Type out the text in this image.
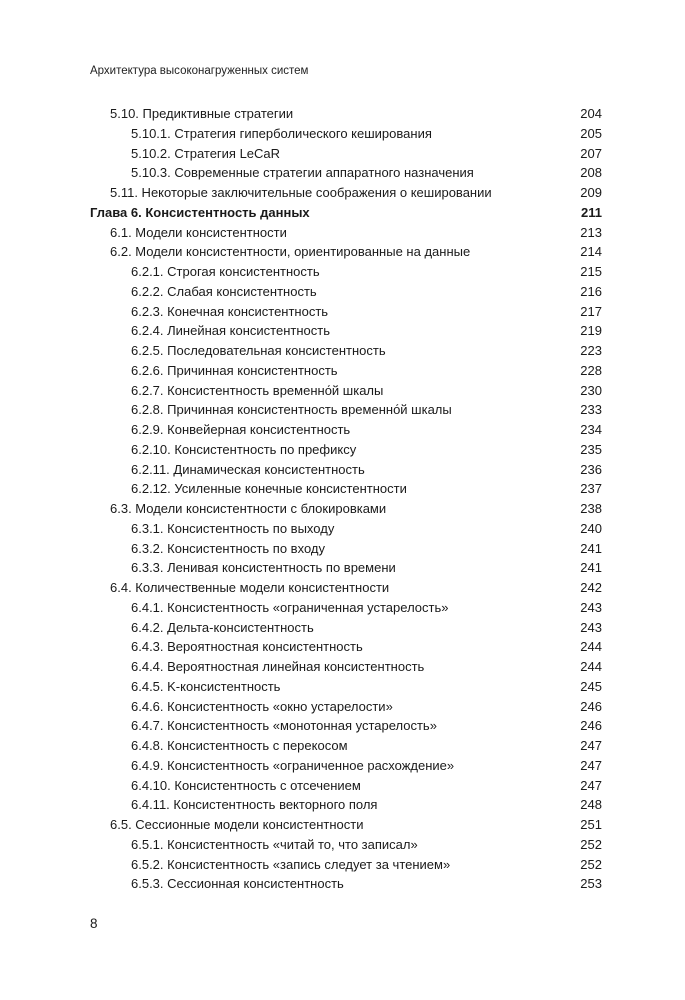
Архитектура высоконагруженных систем
5.10. Предиктивные стратегии	204
5.10.1. Стратегия гиперболического кеширования	205
5.10.2. Стратегия LeCaR	207
5.10.3. Современные стратегии аппаратного назначения	208
5.11. Некоторые заключительные соображения о кешировании	209
Глава 6. Консистентность данных	211
6.1. Модели консистентности	213
6.2. Модели консистентности, ориентированные на данные	214
6.2.1. Строгая консистентность	215
6.2.2. Слабая консистентность	216
6.2.3. Конечная консистентность	217
6.2.4. Линейная консистентность	219
6.2.5. Последовательная консистентность	223
6.2.6. Причинная консистентность	228
6.2.7. Консистентность временно́й шкалы	230
6.2.8. Причинная консистентность временно́й шкалы	233
6.2.9. Конвейерная консистентность	234
6.2.10. Консистентность по префиксу	235
6.2.11. Динамическая консистентность	236
6.2.12. Усиленные конечные консистентности	237
6.3. Модели консистентности с блокировками	238
6.3.1. Консистентность по выходу	240
6.3.2. Консистентность по входу	241
6.3.3. Ленивая консистентность по времени	241
6.4. Количественные модели консистентности	242
6.4.1. Консистентность «ограниченная устарелость»	243
6.4.2. Дельта-консистентность	243
6.4.3. Вероятностная консистентность	244
6.4.4. Вероятностная линейная консистентность	244
6.4.5. K-консистентность	245
6.4.6. Консистентность «окно устарелости»	246
6.4.7. Консистентность «монотонная устарелость»	246
6.4.8. Консистентность с перекосом	247
6.4.9. Консистентность «ограниченное расхождение»	247
6.4.10. Консистентность с отсечением	247
6.4.11. Консистентность векторного поля	248
6.5. Сессионные модели консистентности	251
6.5.1. Консистентность «читай то, что записал»	252
6.5.2. Консистентность «запись следует за чтением»	252
6.5.3. Сессионная консистентность	253
8
